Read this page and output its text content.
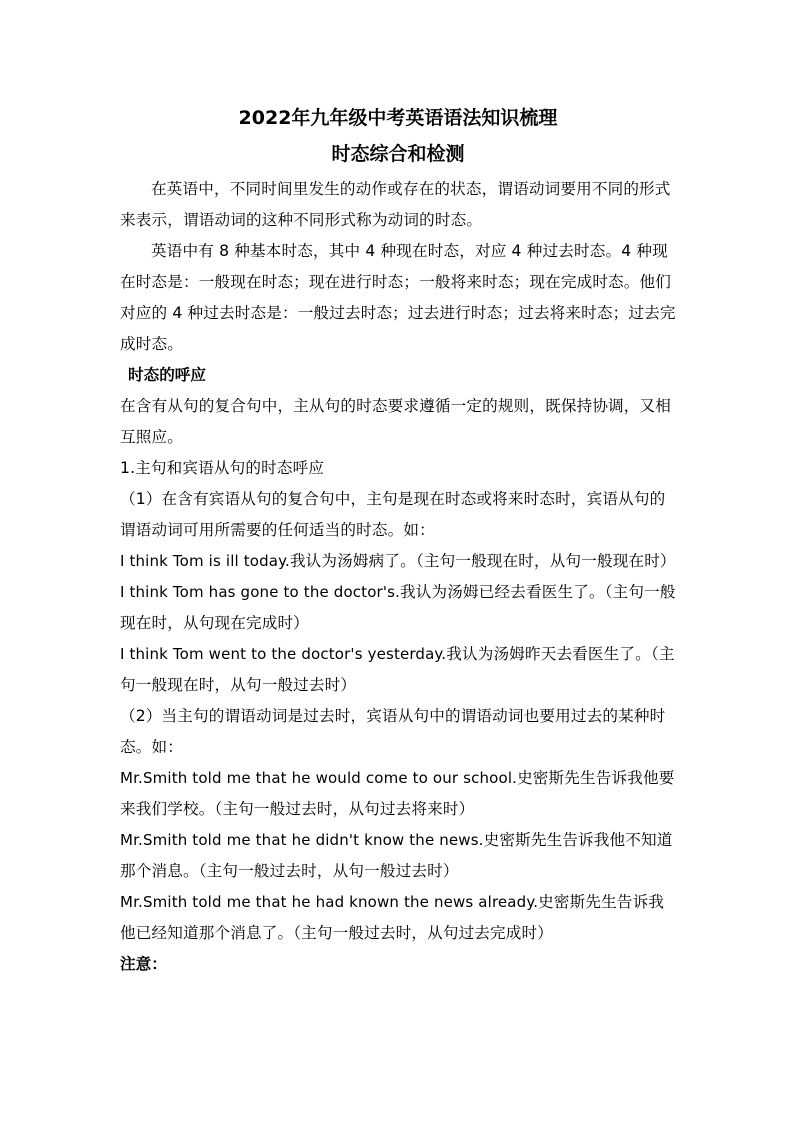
2022年九年级中考英语语法知识梳理
时态综合和检测

在英语中，不同时间里发生的动作或存在的状态，谓语动词要用不同的形式来表示，谓语动词的这种不同形式称为动词的时态。

英语中有 8 种基本时态，其中 4 种现在时态，对应 4 种过去时态。4 种现在时态是：一般现在时态；现在进行时态；一般将来时态；现在完成时态。他们对应的 4 种过去时态是：一般过去时态；过去进行时态；过去将来时态；过去完成时态。

时态的呼应

在含有从句的复合句中，主从句的时态要求遵循一定的规则，既保持协调，又相互照应。

1.主句和宾语从句的时态呼应

（1）在含有宾语从句的复合句中，主句是现在时态或将来时态时，宾语从句的谓语动词可用所需要的任何适当的时态。如：

I think Tom is ill today.我认为汤姆病了。（主句一般现在时，从句一般现在时）

I think Tom has gone to the doctor's.我认为汤姆已经去看医生了。（主句一般现在时，从句现在完成时）

I think Tom went to the doctor's yesterday.我认为汤姆昨天去看医生了。（主句一般现在时，从句一般过去时）

（2）当主句的谓语动词是过去时，宾语从句中的谓语动词也要用过去的某种时态。如：

Mr.Smith told me that he would come to our school.史密斯先生告诉我他要来我们学校。（主句一般过去时，从句过去将来时）

Mr.Smith told me that he didn't know the news.史密斯先生告诉我他不知道那个消息。（主句一般过去时，从句一般过去时）

Mr.Smith told me that he had known the news already.史密斯先生告诉我他已经知道那个消息了。（主句一般过去时，从句过去完成时）

注意：
